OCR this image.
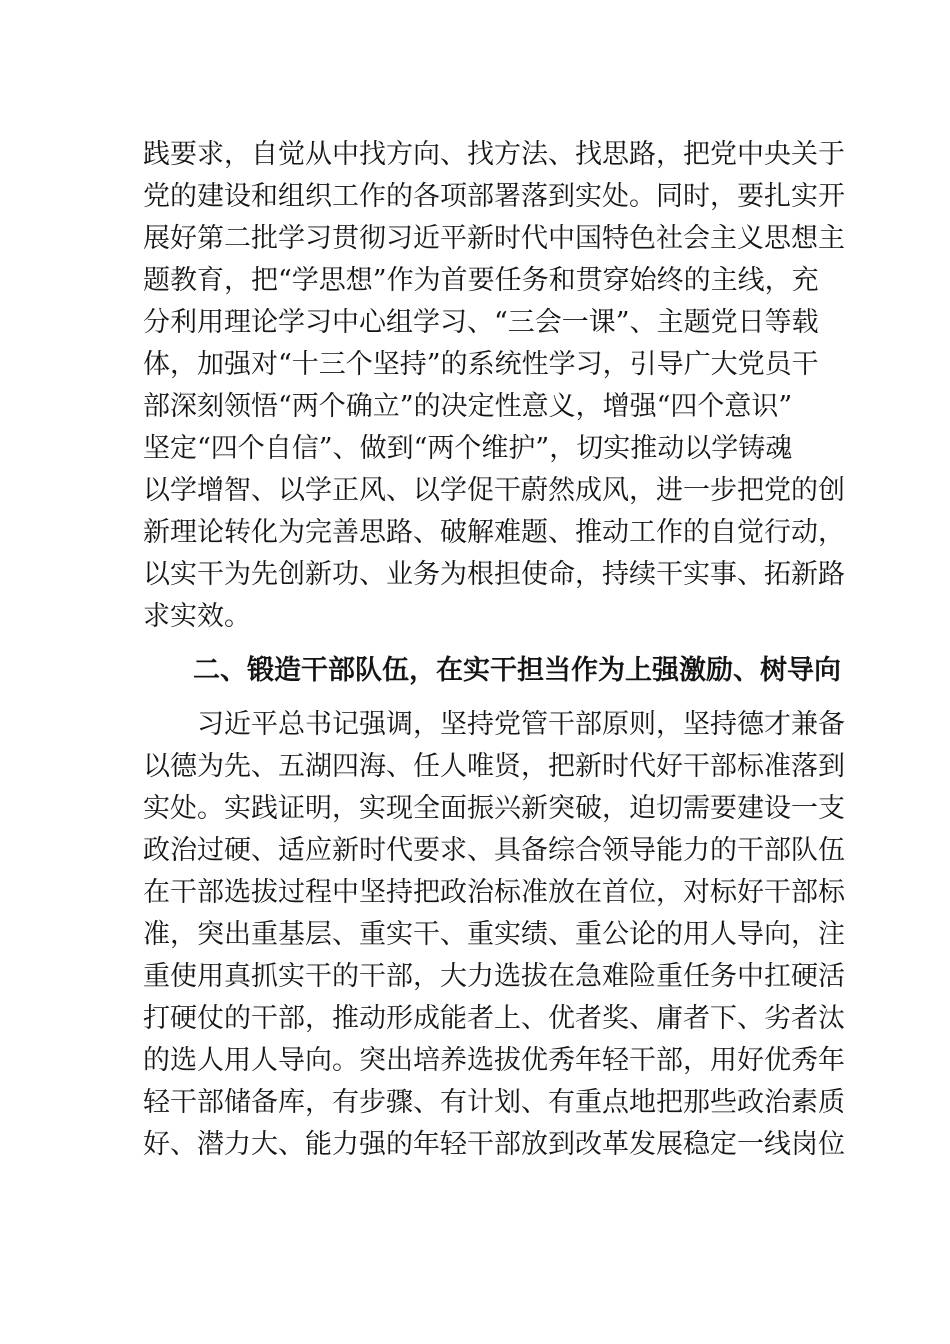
践要求，自觉从中找方向、找方法、找思路，把党中央关于
党的建设和组织工作的各项部署落到实处。同时，要扎实开
展好第二批学习贯彻习近平新时代中国特色社会主义思想主
题教育，把“学思想”作为首要任务和贯穿始终的主线，充
分利用理论学习中心组学习、“三会一课”、主题党日等载
体，加强对“十三个坚持”的系统性学习，引导广大党员干
部深刻领悟“两个确立”的决定性意义，增强“四个意识”
坚定“四个自信”、做到“两个维护”，切实推动以学铸魂
以学增智、以学正风、以学促干蔚然成风，进一步把党的创
新理论转化为完善思路、破解难题、推动工作的自觉行动，
以实干为先创新功、业务为根担使命，持续干实事、拓新路
求实效。
二、锻造干部队伍，在实干担当作为上强激励、树导向
习近平总书记强调，坚持党管干部原则，坚持德才兼备
以德为先、五湖四海、任人唯贤，把新时代好干部标准落到
实处。实践证明，实现全面振兴新突破，迫切需要建设一支
政治过硬、适应新时代要求、具备综合领导能力的干部队伍
在干部选拔过程中坚持把政治标准放在首位，对标好干部标
准，突出重基层、重实干、重实绩、重公论的用人导向，注
重使用真抓实干的干部，大力选拔在急难险重任务中扛硬活
打硬仗的干部，推动形成能者上、优者奖、庸者下、劣者汰
的选人用人导向。突出培养选拔优秀年轻干部，用好优秀年
轻干部储备库，有步骤、有计划、有重点地把那些政治素质
好、潜力大、能力强的年轻干部放到改革发展稳定一线岗位
